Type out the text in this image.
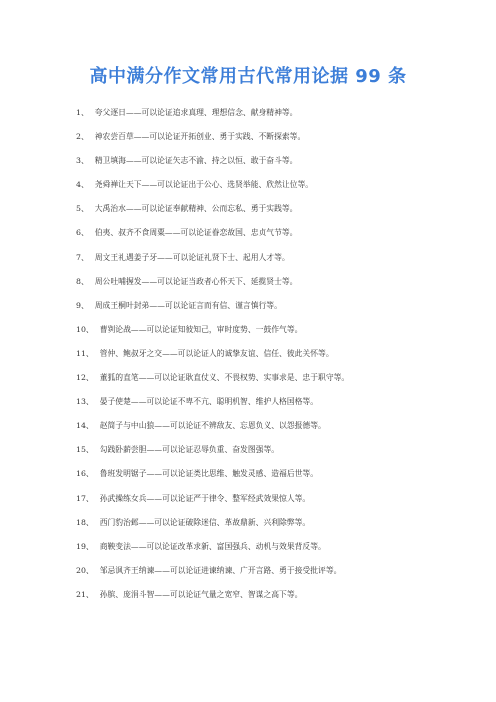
高中满分作文常用古代常用论据 99 条
1、 夸父逐日——可以论证追求真理、理想信念、献身精神等。
2、 神农尝百草——可以论证开拓创业、勇于实践、不断探索等。
3、 精卫填海——可以论证矢志不渝、持之以恒、敢于奋斗等。
4、 尧舜禅让天下——可以论证出于公心、选贤举能、欣然让位等。
5、 大禹治水——可以论证奉献精神、公而忘私、勇于实践等。
6、 伯夷、叔齐不食周粟——可以论证眷恋故国、忠贞气节等。
7、 周文王礼遇姜子牙——可以论证礼贤下士、起用人才等。
8、 周公吐哺握发——可以论证当政者心怀天下、延揽贤士等。
9、 周成王桐叶封弟——可以论证言而有信、谨言慎行等。
10、 曹刿论战——可以论证知彼知己，审时度势、一鼓作气等。
11、 管仲、鲍叔牙之交——可以论证人的诚挚友谊、信任、彼此关怀等。
12、 董狐的直笔——可以论证耿直仗义、不畏权势、实事求是、忠于职守等。
13、 晏子使楚——可以论证不卑不亢、聪明机智、维护人格国格等。
14、 赵简子与中山狼——可以论证不辨敌友、忘恩负义、以怨报德等。
15、 勾践卧薪尝胆——可以论证忍辱负重、奋发图强等。
16、 鲁班发明锯子——可以论证类比思维、触发灵感、造福后世等。
17、 孙武操练女兵——可以论证严于律令、整军经武效果惊人等。
18、 西门豹治邺——可以论证破除迷信、革故鼎新、兴利除弊等。
19、 商鞅变法——可以论证改革求新、富国强兵、动机与效果背反等。
20、 邹忌讽齐王纳谏——可以论证进谏纳谏、广开言路、勇于接受批评等。
21、 孙膑、庞涓斗智——可以论证气量之宽窄、智谋之高下等。
